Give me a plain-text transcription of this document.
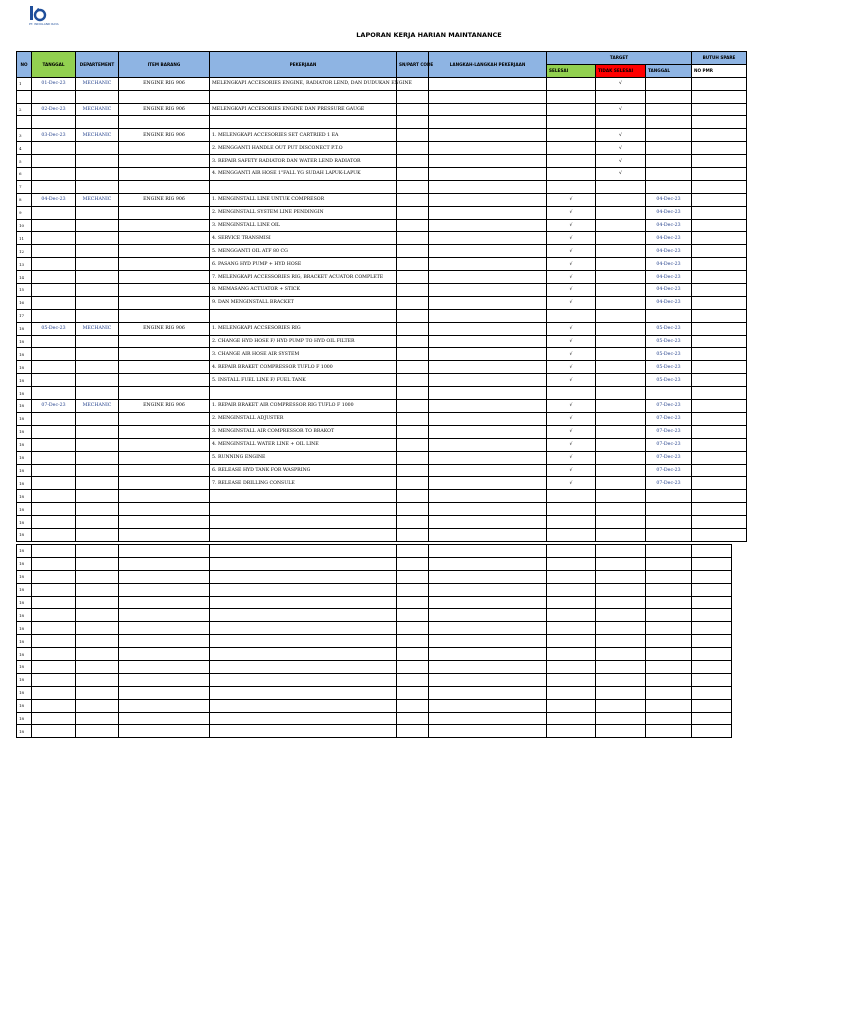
PT. INDOLAND RAYA
LAPORAN KERJA HARIAN MAINTANANCE
NO	TANGGAL	DEPARTEMENT	ITEM BARANG	PEKERJAAN	SN/PART CODE	LANGKAH-LANGKAH PEKERJAAN	TARGET			BUTUH SPARE
							SELESAI	TIDAK SELESAI	TANGGAL	NO PMR
1	01-Dec-23	MECHANIC	ENGINE RIG 906	MELENGKAPI ACCESORIES ENGINE, RADIATOR LEND, DAN DUDUKAN ENGINE				√		

2	02-Dec-23	MECHANIC	ENGINE RIG 906	MELENGKAPI ACCESORIES ENGINE DAN PRESSURE GAUGE				√		

3	03-Dec-23	MECHANIC	ENGINE RIG 906	1. MELENGKAPI ACCESORIES SET CARTRIED 1 EA				√		
4				2. MENGGANTI HANDLE OUT PUT DISCONECT P.T.O				√		
5				3. REPAIR SAFETY RADIATOR DAN WATER LEND RADIATOR				√		
6				4. MENGGANTI AIR HOSE 1"FALL YG SUDAH LAPUK-LAPUK				√		
7										
8	04-Dec-23	MECHANIC	ENGINE RIG 906	1. MENGINSTALL LINE UNTUK COMPRESOR			√		04-Dec-23	
9				2. MENGINSTALL SYSTEM LINE PENDINGIN			√		04-Dec-23	
10				3. MENGINSTALL LINE OIL			√		04-Dec-23	
11				4. SERVICE TRANSMISI			√		04-Dec-23	
12				5. MENGGANTI OIL ATF 80 CG			√		04-Dec-23	
13				6. PASANG HYD PUMP + HYD HOSE			√		04-Dec-23	
14				7. MELENGKAPI ACCESSORIES RIG, BRACKET ACUATOR COMPLETE			√		04-Dec-23	
15				8. MEMASANG ACTUATOR + STICK			√		04-Dec-23	
16				9. DAN MENGINSTALL BRACKET			√		04-Dec-23	
17										
18	05-Dec-23	MECHANIC	ENGINE RIG 906	1. MELENGKAPI ACCSESORIES RIG			√		05-Dec-23	
18				2. CHANGE HYD HOSE F/ HYD PUMP TO HYD OIL FILTER			√		05-Dec-23	
18				3. CHANGE AIR HOSE AIR SYSTEM			√		05-Dec-23	
18				4. REPAIR BRAKET COMPRESSOR TUFLO F 1000			√		05-Dec-23	
18				5. INSTALL FUEL LINE F/ FUEL TANK			√		05-Dec-23	
18										
18	07-Dec-23	MECHANIC	ENGINE RIG 906	1. REPAIR BRAKET AIR COMPRESSOR RIG TUFLO F 1000			√		07-Dec-23	
18				2. MENGINSTALL ADJUSTER			√		07-Dec-23	
18				3. MENGINSTALL AIR COMPRESSOR TO BRAKOT			√		07-Dec-23	
18				4. MENGINSTALL WATER LINE + OIL LINE			√		07-Dec-23	
18				5. RUNNING ENGINE			√		07-Dec-23	
18				6. RELEASE HYD TANK FOR WASPRING			√		07-Dec-23	
18				7. RELEASE DRILLING CONSULE			√		07-Dec-23	
18										
18										
18										
18										
18										
18										
18										
18										
18										
18										
18										
18										
18										
18										
18										
18										
18										
18										
18										
